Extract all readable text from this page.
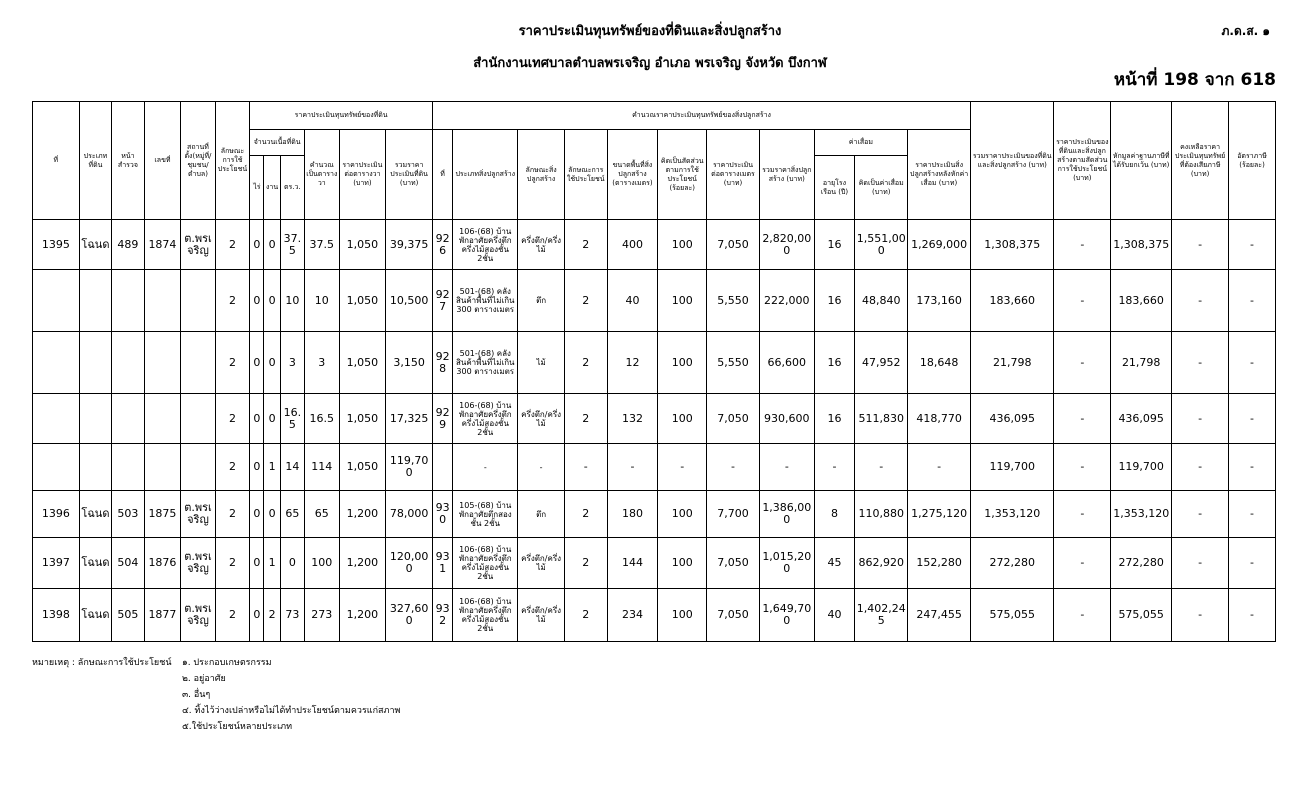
ราคาประเมินทุนทรัพย์ของที่ดินและสิ่งปลูกสร้าง
สำนักงานเทศบาลตำบลพรเจริญ อำเภอ พรเจริญ จังหวัด บึงกาฬ
ภ.ด.ส. ๑
หน้าที่ 198 จาก 618
ที่	ประเภทที่ดิน	หน้าสำรวจ	เลขที่	สถานที่ตั้ง(หมู่ที่/ชุมชน/ตำบล)	ลักษณะการใช้ประโยชน์	ราคาประเมินทุนทรัพย์ของที่ดิน						คำนวณราคาประเมินทุนทรัพย์ของสิ่งปลูกสร้าง											รวมราคาประเมินของที่ดินและสิ่งปลูกสร้าง (บาท)	ราคาประเมินของที่ดินและสิ่งปลูกสร้างตามสัดส่วนการใช้ประโยชน์ (บาท)	หักมูลค่าฐานภาษีที่ได้รับยกเว้น (บาท)	คงเหลือราคาประเมินทุนทรัพย์ที่ต้องเสียภาษี (บาท)	อัตราภาษี (ร้อยละ)
						จำนวนเนื้อที่ดิน			คำนวณเป็นตารางวา	ราคาประเมินต่อตารางวา (บาท)	รวมราคาประเมินที่ดิน (บาท)	ที่	ประเภทสิ่งปลูกสร้าง	ลักษณะสิ่งปลูกสร้าง	ลักษณะการใช้ประโยชน์	ขนาดพื้นที่สิ่งปลูกสร้าง (ตารางเมตร)	คิดเป็นสัดส่วนตามการใช้ประโยชน์ (ร้อยละ)	ราคาประเมินต่อตารางเมตร (บาท)	รวมราคาสิ่งปลูกสร้าง (บาท)	ค่าเสื่อม		ราคาประเมินสิ่งปลูกสร้างหลังหักค่าเสื่อม (บาท)					
						ไร่	งาน	ตร.ว.												อายุโรงเรือน (ปี)	คิดเป็นค่าเสื่อม (บาท)						
1395	โฉนด	489	1874	ต.พรเจริญ	2	0	0	37.5	37.5	1,050	39,375	926	106-(68) บ้านพักอาศัยครึ่งตึกครึ่งไม้สองชั้น 2ชั้น	ครึ่งตึก/ครึ่งไม้	2	400	100	7,050	2,820,000	16	1,551,000	1,269,000	1,308,375	-	1,308,375	-	-
					2	0	0	10	10	1,050	10,500	927	501-(68) คลังสินค้าพื้นที่ไม่เกิน 300 ตารางเมตร	ตึก	2	40	100	5,550	222,000	16	48,840	173,160	183,660	-	183,660	-	-
					2	0	0	3	3	1,050	3,150	928	501-(68) คลังสินค้าพื้นที่ไม่เกิน 300 ตารางเมตร	ไม้	2	12	100	5,550	66,600	16	47,952	18,648	21,798	-	21,798	-	-
					2	0	0	16.5	16.5	1,050	17,325	929	106-(68) บ้านพักอาศัยครึ่งตึกครึ่งไม้สองชั้น 2ชั้น	ครึ่งตึก/ครึ่งไม้	2	132	100	7,050	930,600	16	511,830	418,770	436,095	-	436,095	-	-
					2	0	1	14	114	1,050	119,700		-	-	-	-	-	-	-	-	-	-	119,700	-	119,700	-	-
1396	โฉนด	503	1875	ต.พรเจริญ	2	0	0	65	65	1,200	78,000	930	105-(68) บ้านพักอาศัยตึกสองชั้น 2ชั้น	ตึก	2	180	100	7,700	1,386,000	8	110,880	1,275,120	1,353,120	-	1,353,120	-	-
1397	โฉนด	504	1876	ต.พรเจริญ	2	0	1	0	100	1,200	120,000	931	106-(68) บ้านพักอาศัยครึ่งตึกครึ่งไม้สองชั้น 2ชั้น	ครึ่งตึก/ครึ่งไม้	2	144	100	7,050	1,015,200	45	862,920	152,280	272,280	-	272,280	-	-
1398	โฉนด	505	1877	ต.พรเจริญ	2	0	2	73	273	1,200	327,600	932	106-(68) บ้านพักอาศัยครึ่งตึกครึ่งไม้สองชั้น 2ชั้น	ครึ่งตึก/ครึ่งไม้	2	234	100	7,050	1,649,700	40	1,402,245	247,455	575,055	-	575,055	-	-
หมายเหตุ : ลักษณะการใช้ประโยชน์ ๑. ประกอบเกษตรกรรม
๒. อยู่อาศัย
๓. อื่นๆ
๔. ทิ้งไว้ว่างเปล่าหรือไม่ได้ทำประโยชน์ตามควรแก่สภาพ
๕.ใช้ประโยชน์หลายประเภท
